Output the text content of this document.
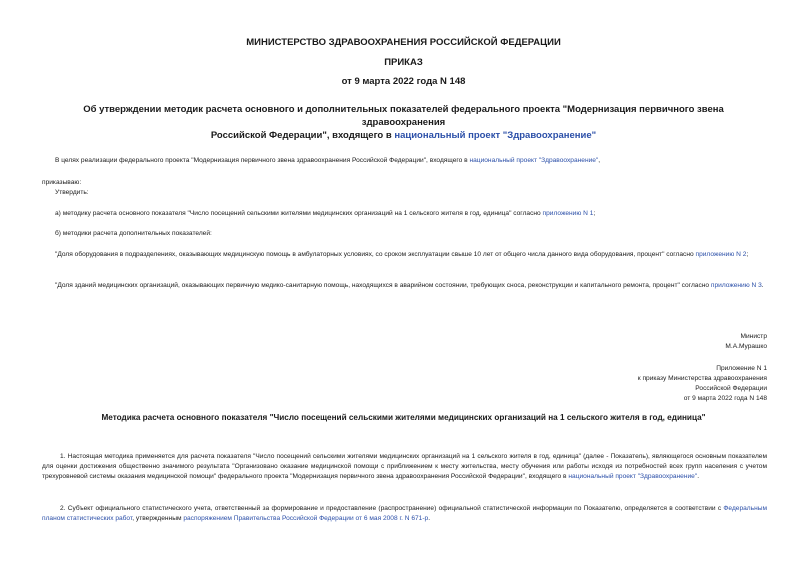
МИНИСТЕРСТВО ЗДРАВООХРАНЕНИЯ РОССИЙСКОЙ ФЕДЕРАЦИИ
ПРИКАЗ
от 9 марта 2022 года N 148
Об утверждении методик расчета основного и дополнительных показателей федерального проекта "Модернизация первичного звена здравоохранения
Российской Федерации", входящего в национальный проект "Здравоохранение"
В целях реализации федерального проекта "Модернизация первичного звена здравоохранения Российской Федерации", входящего в национальный проект "Здравоохранение",
приказываю:
Утвердить:
а) методику расчета основного показателя "Число посещений сельскими жителями медицинских организаций на 1 сельского жителя в год, единица" согласно приложению N 1;
б) методики расчета дополнительных показателей:
"Доля оборудования в подразделениях, оказывающих медицинскую помощь в амбулаторных условиях, со сроком эксплуатации свыше 10 лет от общего числа данного вида оборудования, процент" согласно приложению N 2;
"Доля зданий медицинских организаций, оказывающих первичную медико-санитарную помощь, находящихся в аварийном состоянии, требующих сноса, реконструкции и капитального ремонта, процент" согласно приложению N 3.
Министр
М.А.Мурашко
Приложение N 1
к приказу Министерства здравоохранения
Российской Федерации
от 9 марта 2022 года N 148
Методика расчета основного показателя "Число посещений сельскими жителями медицинских организаций на 1 сельского жителя в год, единица"
1. Настоящая методика применяется для расчета показателя "Число посещений сельскими жителями медицинских организаций на 1 сельского жителя в год, единица" (далее - Показатель), являющегося основным показателем для оценки достижения общественно значимого результата "Организовано оказание медицинской помощи с приближением к месту жительства, месту обучения или работы исходя из потребностей всех групп населения с учетом трехуровневой системы оказания медицинской помощи" федерального проекта "Модернизация первичного звена здравоохранения Российской Федерации", входящего в национальный проект "Здравоохранение".
2. Субъект официального статистического учета, ответственный за формирование и предоставление (распространение) официальной статистической информации по Показателю, определяется в соответствии с Федеральным планом статистических работ, утвержденным распоряжением Правительства Российской Федерации от 6 мая 2008 г. N 671-р.
